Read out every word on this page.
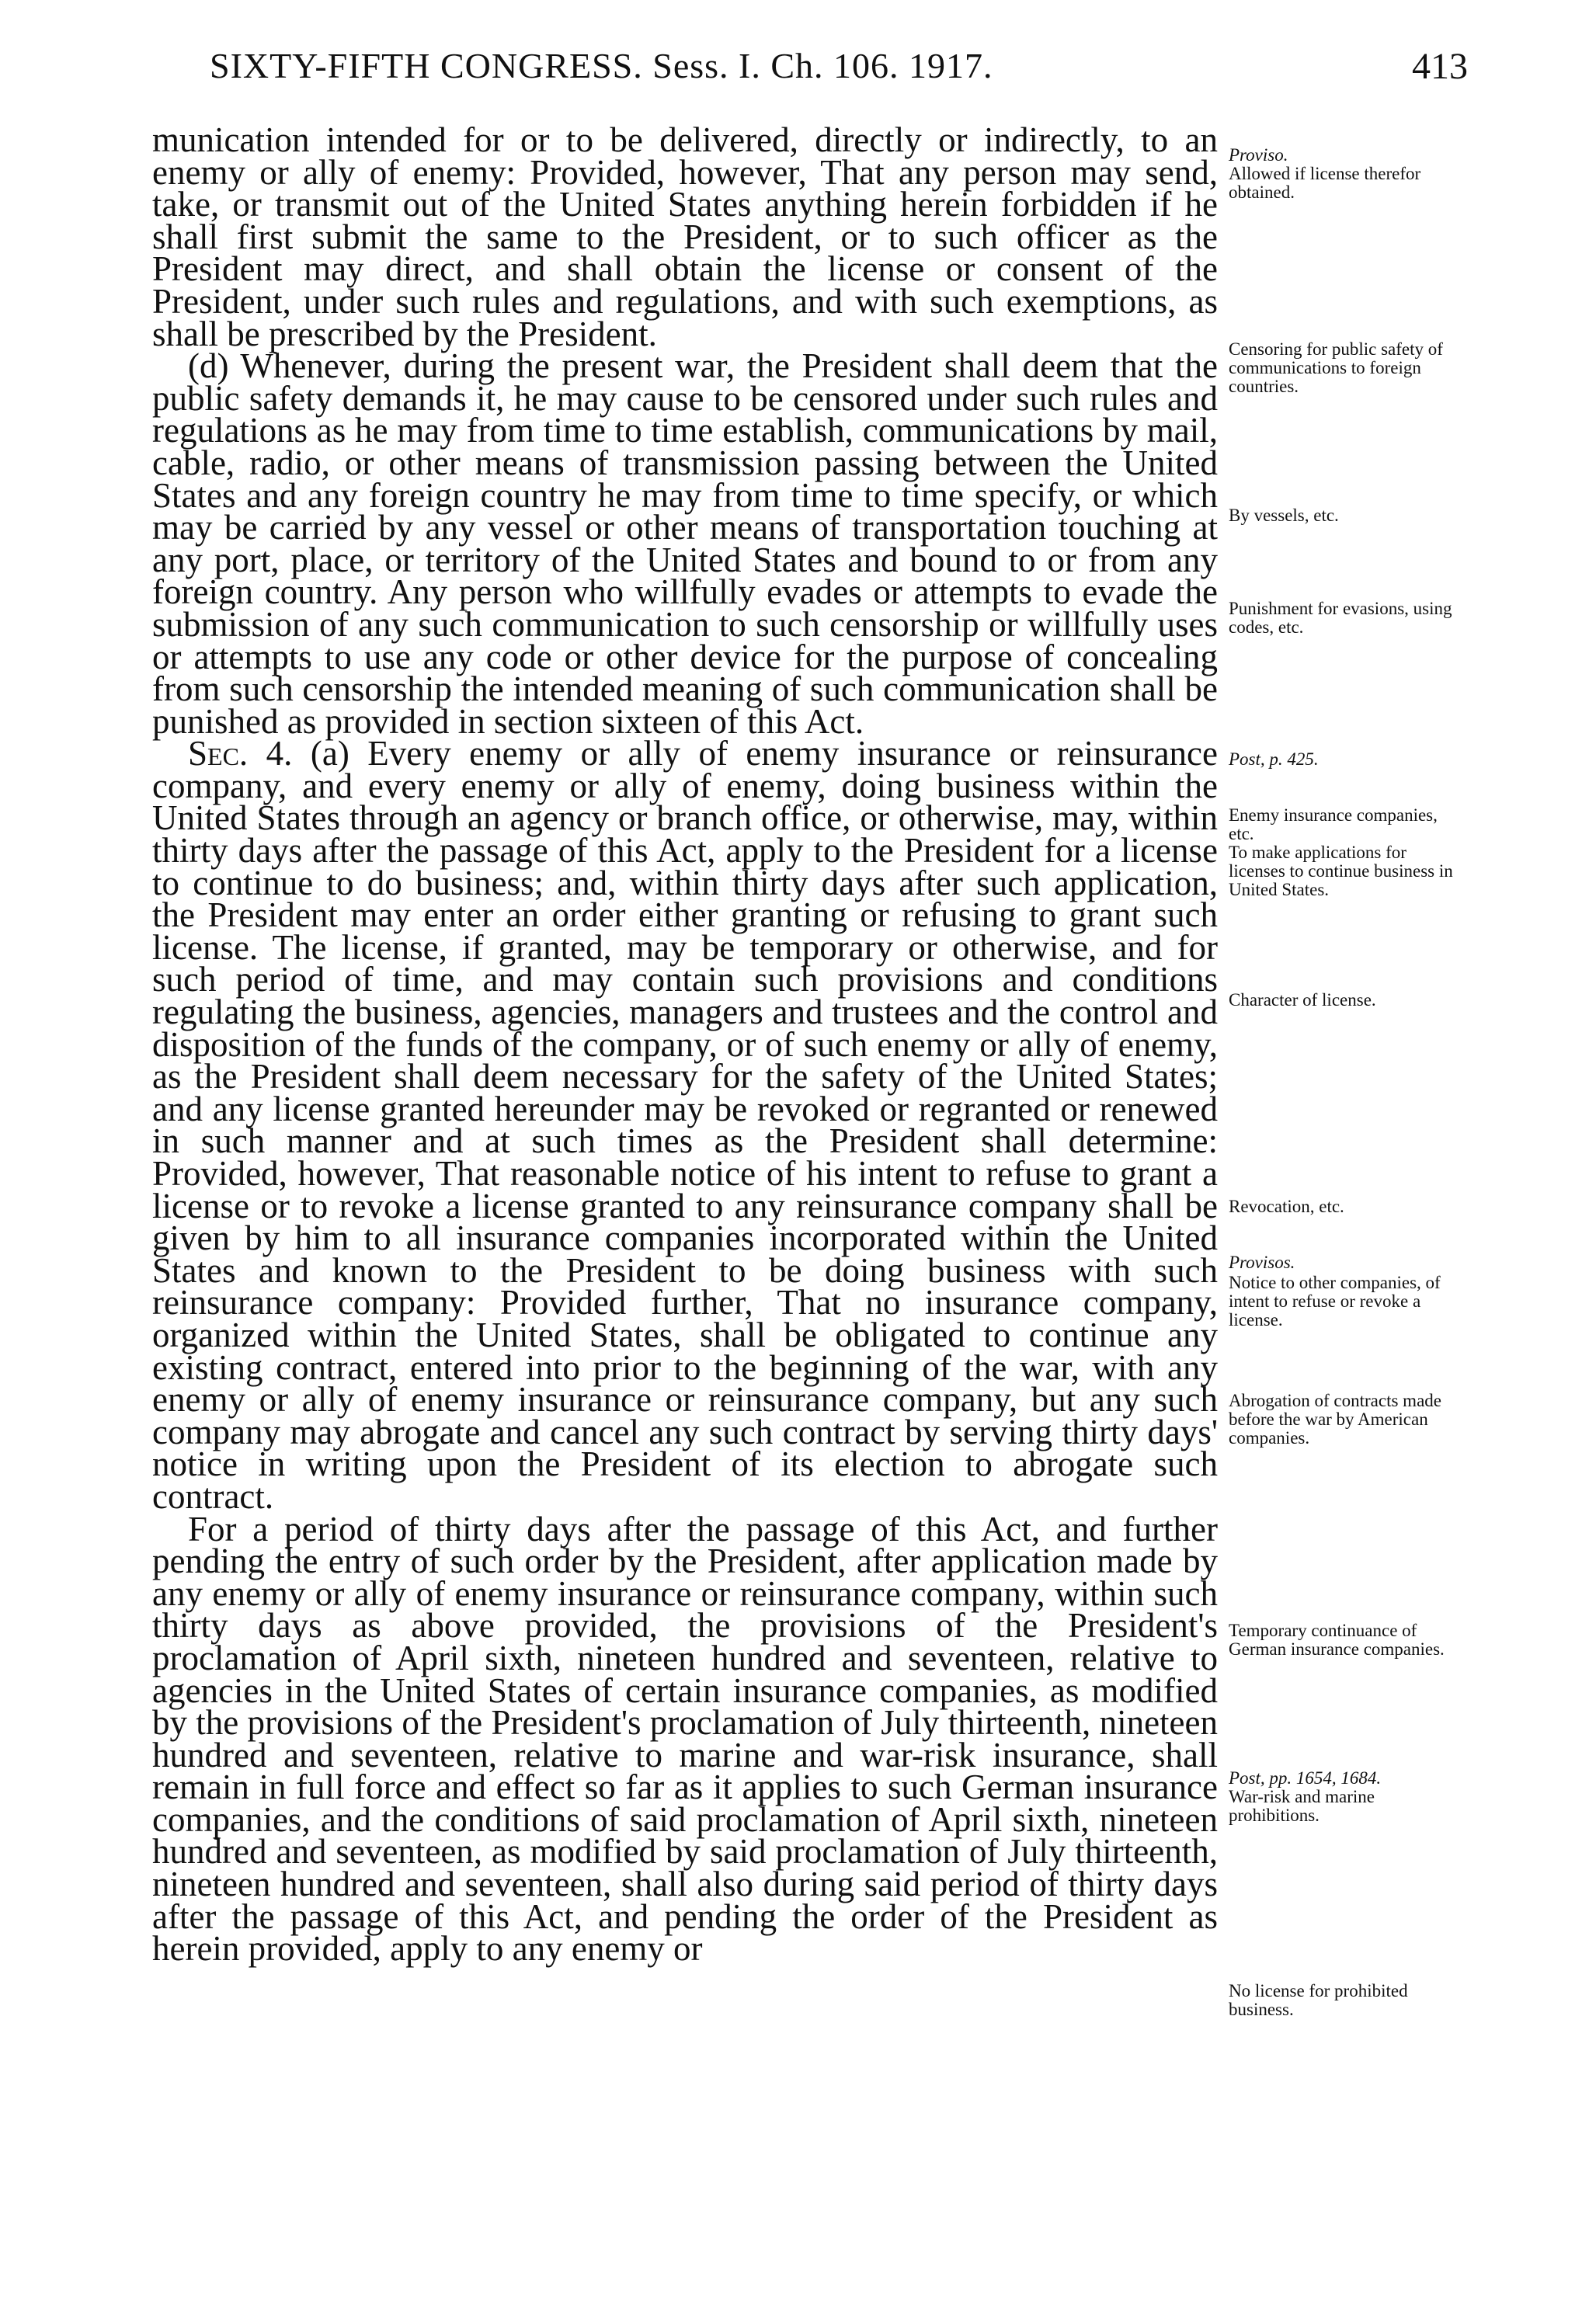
SIXTY-FIFTH CONGRESS. Sess. I. Ch. 106. 1917.	413

munication intended for or to be delivered, directly or indirectly, to an enemy or ally of enemy: Provided, however, That any person may send, take, or transmit out of the United States anything herein forbidden if he shall first submit the same to the President, or to such officer as the President may direct, and shall obtain the license or consent of the President, under such rules and regulations, and with such exemptions, as shall be prescribed by the President.

(d) Whenever, during the present war, the President shall deem that the public safety demands it, he may cause to be censored under such rules and regulations as he may from time to time establish, communications by mail, cable, radio, or other means of transmission passing between the United States and any foreign country he may from time to time specify, or which may be carried by any vessel or other means of transportation touching at any port, place, or territory of the United States and bound to or from any foreign country. Any person who willfully evades or attempts to evade the submission of any such communication to such censorship or willfully uses or attempts to use any code or other device for the purpose of concealing from such censorship the intended meaning of such communication shall be punished as provided in section sixteen of this Act.

Sec. 4. (a) Every enemy or ally of enemy insurance or reinsurance company, and every enemy or ally of enemy, doing business within the United States through an agency or branch office, or otherwise, may, within thirty days after the passage of this Act, apply to the President for a license to continue to do business; and, within thirty days after such application, the President may enter an order either granting or refusing to grant such license. The license, if granted, may be temporary or otherwise, and for such period of time, and may contain such provisions and conditions regulating the business, agencies, managers and trustees and the control and disposition of the funds of the company, or of such enemy or ally of enemy, as the President shall deem necessary for the safety of the United States; and any license granted hereunder may be revoked or regranted or renewed in such manner and at such times as the President shall determine: Provided, however, That reasonable notice of his intent to refuse to grant a license or to revoke a license granted to any reinsurance company shall be given by him to all insurance companies incorporated within the United States and known to the President to be doing business with such reinsurance company: Provided further, That no insurance company, organized within the United States, shall be obligated to continue any existing contract, entered into prior to the beginning of the war, with any enemy or ally of enemy insurance or reinsurance company, but any such company may abrogate and cancel any such contract by serving thirty days' notice in writing upon the President of its election to abrogate such contract.

For a period of thirty days after the passage of this Act, and further pending the entry of such order by the President, after application made by any enemy or ally of enemy insurance or reinsurance company, within such thirty days as above provided, the provisions of the President's proclamation of April sixth, nineteen hundred and seventeen, relative to agencies in the United States of certain insurance companies, as modified by the provisions of the President's proclamation of July thirteenth, nineteen hundred and seventeen, relative to marine and war-risk insurance, shall remain in full force and effect so far as it applies to such German insurance companies, and the conditions of said proclamation of April sixth, nineteen hundred and seventeen, as modified by said proclamation of July thirteenth, nineteen hundred and seventeen, shall also during said period of thirty days after the passage of this Act, and pending the order of the President as herein provided, apply to any enemy or

Proviso.
Allowed if license therefor obtained.
Censoring for public safety of communications to foreign countries.
By vessels, etc.
Punishment for evasions, using codes, etc.
Post, p. 425.
Enemy insurance companies, etc.
To make applications for licenses to continue business in United States.
Character of license.
Revocation, etc.
Provisos.
Notice to other companies, of intent to refuse or revoke a license.
Abrogation of contracts made before the war by American companies.
Temporary continuance of German insurance companies.
Post, pp. 1654, 1684.
War-risk and marine prohibitions.
No license for prohibited business.
